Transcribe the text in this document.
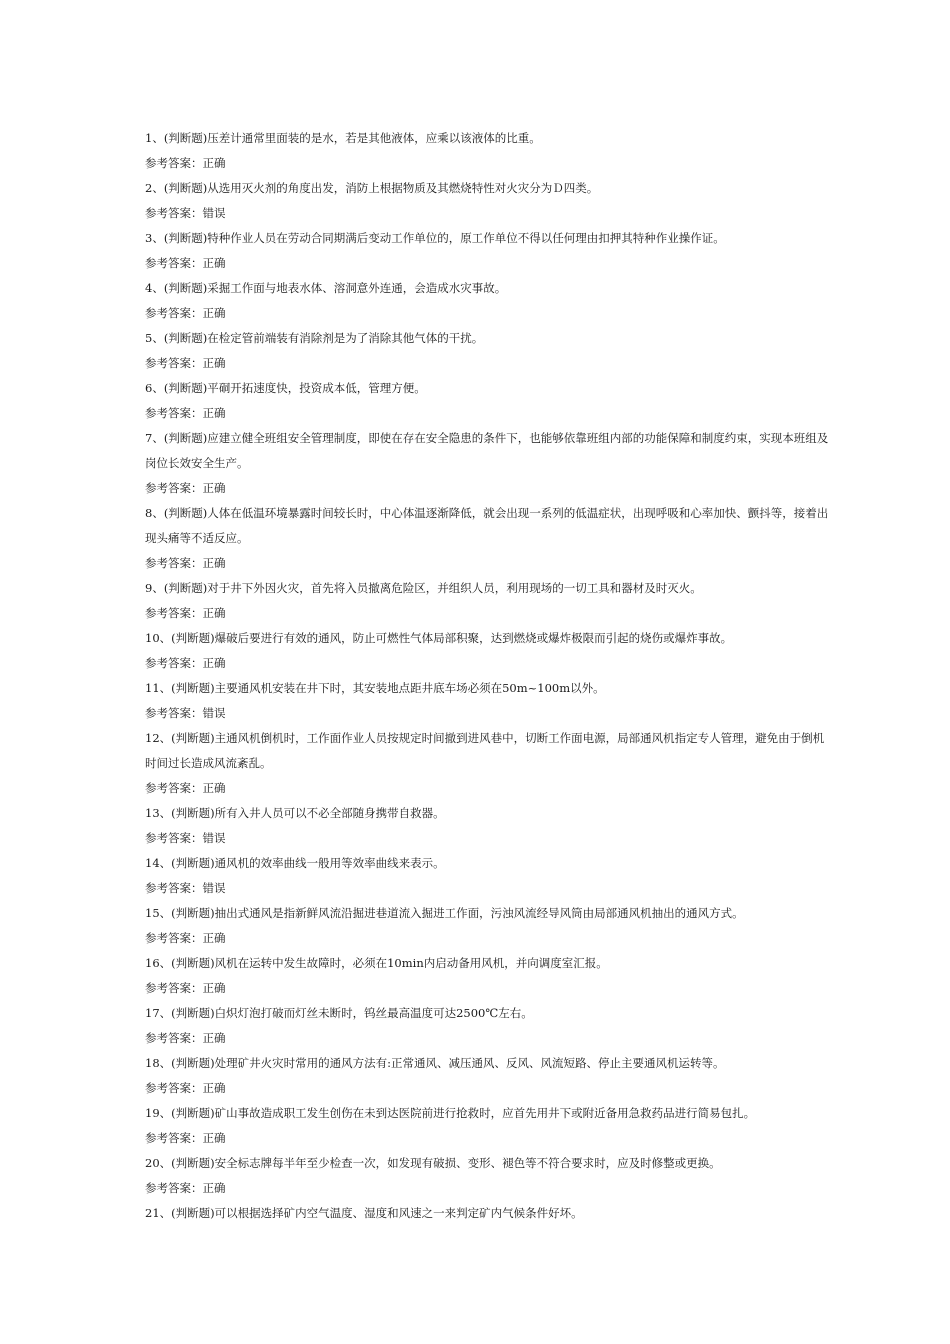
1、(判断题)压差计通常里面装的是水，若是其他液体，应乘以该液体的比重。

参考答案：正确

2、(判断题)从选用灭火剂的角度出发，消防上根据物质及其燃烧特性对火灾分为Ｄ四类。

参考答案：错误

3、(判断题)特种作业人员在劳动合同期满后变动工作单位的，原工作单位不得以任何理由扣押其特种作业操作证。

参考答案：正确

4、(判断题)采掘工作面与地表水体、溶洞意外连通，会造成水灾事故。

参考答案：正确

5、(判断题)在检定管前端装有消除剂是为了消除其他气体的干扰。

参考答案：正确

6、(判断题)平硐开拓速度快，投资成本低，管理方便。

参考答案：正确

7、(判断题)应建立健全班组安全管理制度，即使在存在安全隐患的条件下，也能够依靠班组内部的功能保障和制度约束，实现本班组及岗位长效安全生产。

参考答案：正确

8、(判断题)人体在低温环境暴露时间较长时，中心体温逐渐降低，就会出现一系列的低温症状，出现呼吸和心率加快、颤抖等，接着出现头痛等不适反应。

参考答案：正确

9、(判断题)对于井下外因火灾，首先将入员撤离危险区，并组织人员，利用现场的一切工具和器材及时灭火。

参考答案：正确

10、(判断题)爆破后要进行有效的通风，防止可燃性气体局部积聚，达到燃烧或爆炸极限而引起的烧伤或爆炸事故。

参考答案：正确

11、(判断题)主要通风机安装在井下时，其安装地点距井底车场必须在50m~100m以外。

参考答案：错误

12、(判断题)主通风机倒机时，工作面作业人员按规定时间撤到进风巷中，切断工作面电源，局部通风机指定专人管理，避免由于倒机时间过长造成风流紊乱。

参考答案：正确

13、(判断题)所有入井人员可以不必全部随身携带自救器。

参考答案：错误

14、(判断题)通风机的效率曲线一般用等效率曲线来表示。

参考答案：错误

15、(判断题)抽出式通风是指新鲜风流沿掘进巷道流入掘进工作面，污浊风流经导风筒由局部通风机抽出的通风方式。

参考答案：正确

16、(判断题)风机在运转中发生故障时，必须在10min内启动备用风机，并向调度室汇报。

参考答案：正确

17、(判断题)白炽灯泡打破而灯丝未断时，钨丝最高温度可达2500℃左右。

参考答案：正确

18、(判断题)处理矿井火灾时常用的通风方法有:正常通风、减压通风、反风、风流短路、停止主要通风机运转等。

参考答案：正确

19、(判断题)矿山事故造成职工发生创伤在未到达医院前进行抢救时，应首先用井下或附近备用急救药品进行简易包扎。

参考答案：正确

20、(判断题)安全标志牌每半年至少检查一次，如发现有破损、变形、褪色等不符合要求时，应及时修整或更换。

参考答案：正确

21、(判断题)可以根据选择矿内空气温度、湿度和风速之一来判定矿内气候条件好坏。
